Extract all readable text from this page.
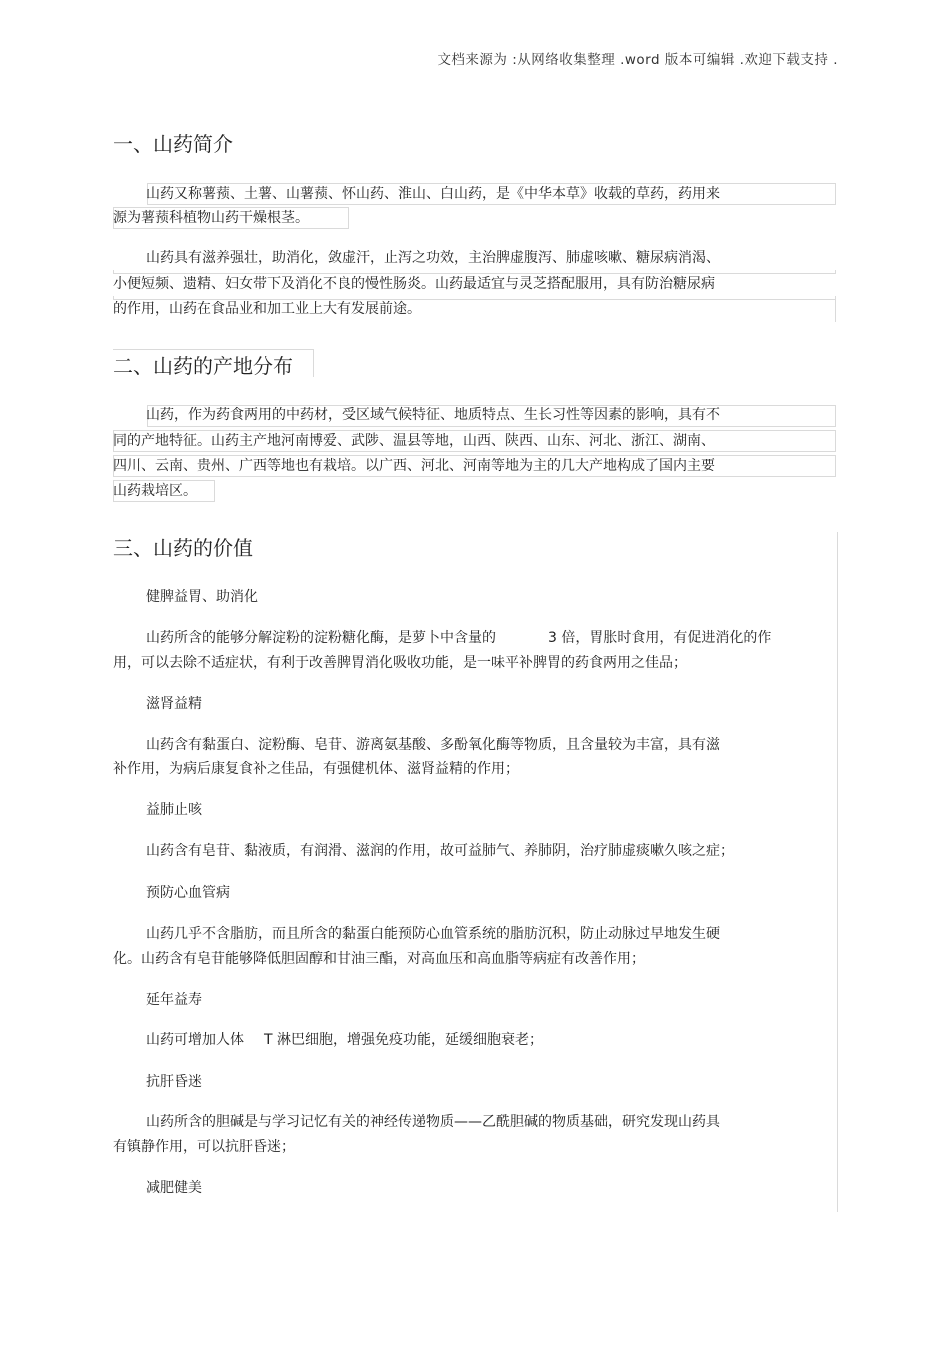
文档来源为 :从网络收集整理 .word 版本可编辑 .欢迎下载支持 .
一、山药简介
山药又称薯蓣、土薯、山薯蓣、怀山药、淮山、白山药，是《中华本草》收载的草药，药用来
源为薯蓣科植物山药干燥根茎。
山药具有滋养强壮，助消化，敛虚汗，止泻之功效，主治脾虚腹泻、肺虚咳嗽、糖尿病消渴、
小便短频、遗精、妇女带下及消化不良的慢性肠炎。山药最适宜与灵芝搭配服用，具有防治糖尿病
的作用，山药在食品业和加工业上大有发展前途。
二、山药的产地分布
山药，作为药食两用的中药材，受区域气候特征、地质特点、生长习性等因素的影响，具有不
同的产地特征。山药主产地河南博爱、武陟、温县等地，山西、陕西、山东、河北、浙江、湖南、
四川、云南、贵州、广西等地也有栽培。以广西、河北、河南等地为主的几大产地构成了国内主要
山药栽培区。
三、山药的价值
健脾益胃、助消化
山药所含的能够分解淀粉的淀粉糖化酶，是萝卜中含量的	3 倍，胃胀时食用，有促进消化的作
用，可以去除不适症状，有利于改善脾胃消化吸收功能，是一味平补脾胃的药食两用之佳品；
滋肾益精
山药含有黏蛋白、淀粉酶、皂苷、游离氨基酸、多酚氧化酶等物质，且含量较为丰富，具有滋
补作用，为病后康复食补之佳品，有强健机体、滋肾益精的作用；
益肺止咳
山药含有皂苷、黏液质，有润滑、滋润的作用，故可益肺气、养肺阴，治疗肺虚痰嗽久咳之症；
预防心血管病
山药几乎不含脂肪，而且所含的黏蛋白能预防心血管系统的脂肪沉积，防止动脉过早地发生硬
化。山药含有皂苷能够降低胆固醇和甘油三酯，对高血压和高血脂等病症有改善作用；
延年益寿
山药可增加人体 T 淋巴细胞，增强免疫功能，延缓细胞衰老；
抗肝昏迷
山药所含的胆碱是与学习记忆有关的神经传递物质——乙酰胆碱的物质基础，研究发现山药具
有镇静作用，可以抗肝昏迷；
减肥健美
